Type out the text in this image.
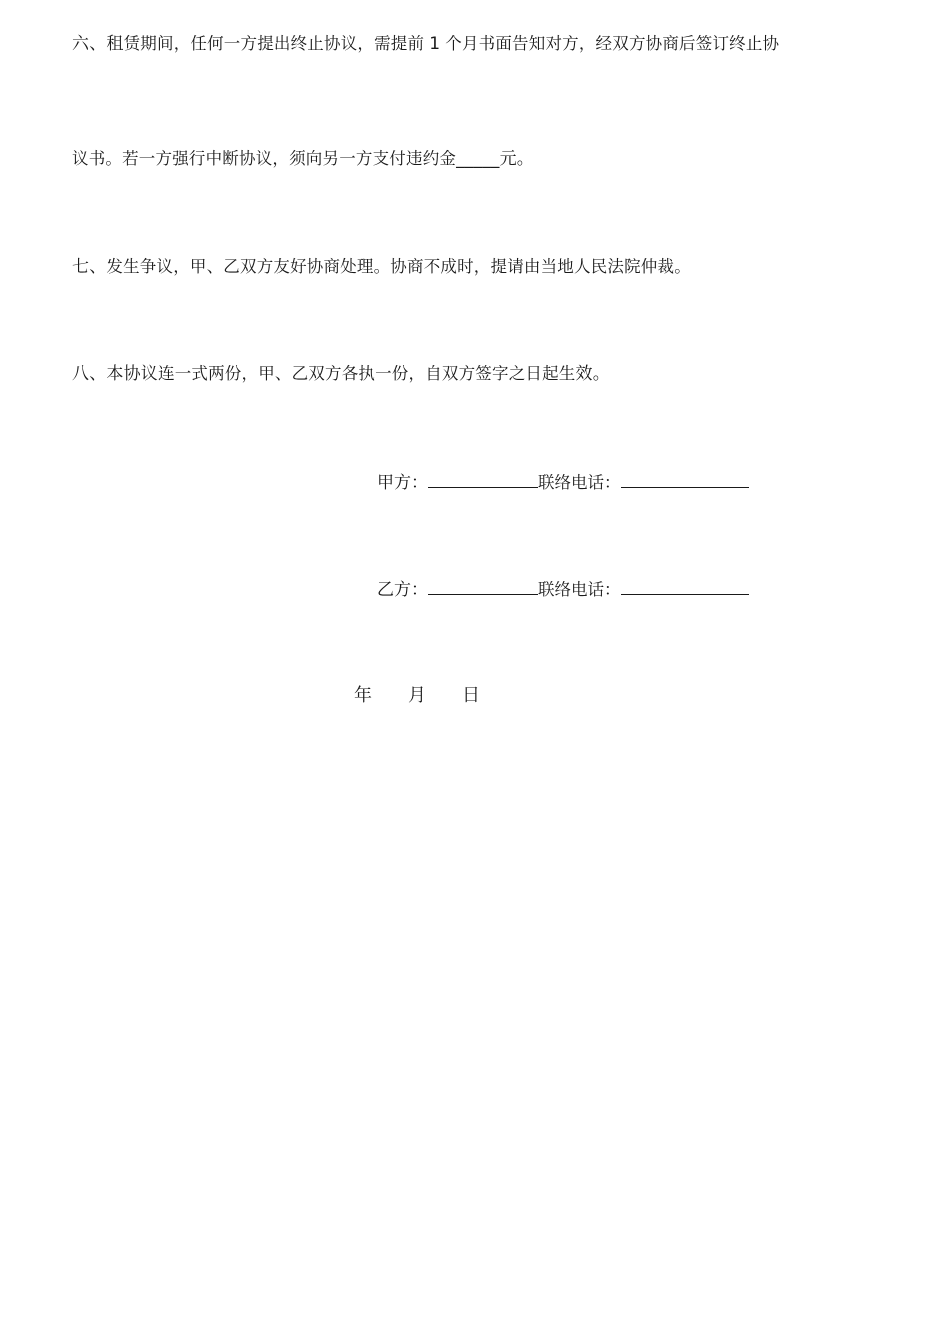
六、租赁期间，任何一方提出终止协议，需提前 1 个月书面告知对方，经双方协商后签订终止协
议书。若一方强行中断协议，须向另一方支付违约金_____元。
七、发生争议，甲、乙双方友好协商处理。协商不成时，提请由当地人民法院仲裁。
八、本协议连一式两份，甲、乙双方各执一份，自双方签字之日起生效。
甲方：	联络电话：
乙方：	联络电话：
年 月 日
